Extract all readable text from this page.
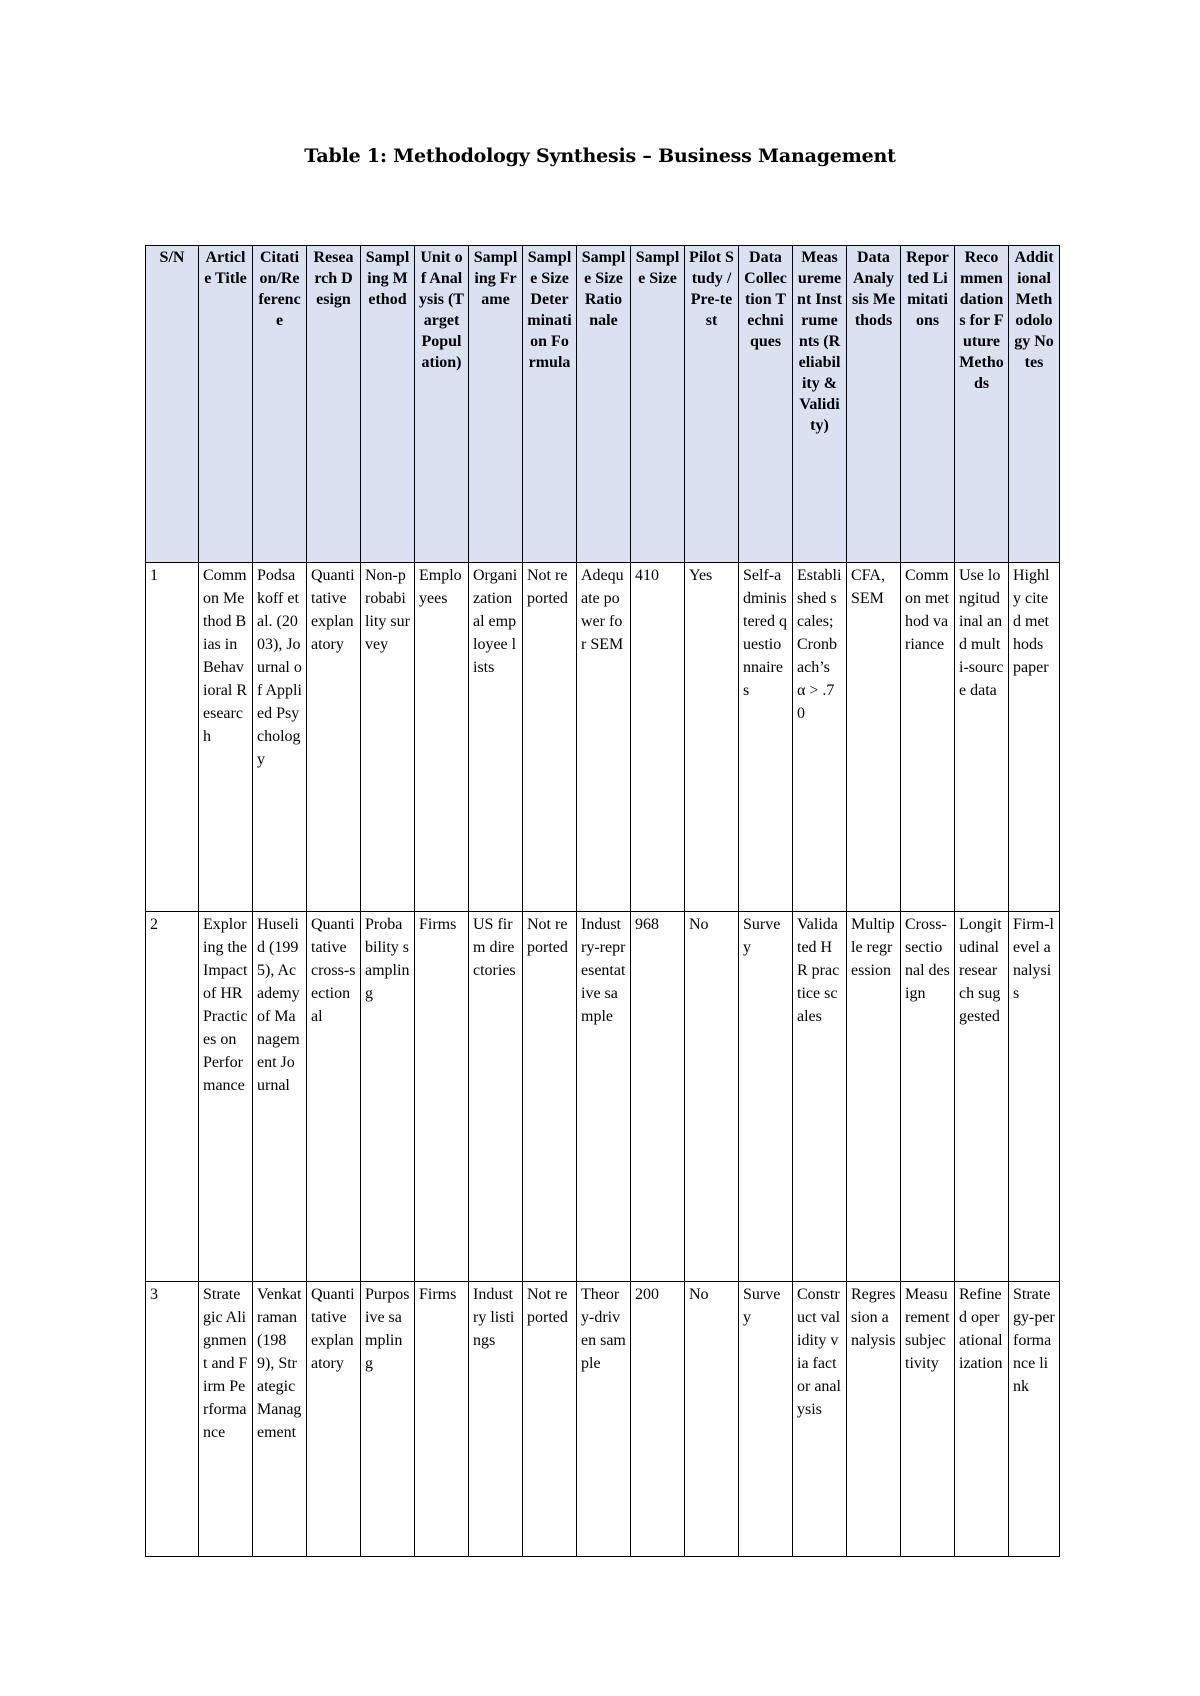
Table 1: Methodology Synthesis – Business Management
S/N	Article Title	Citation/Reference	Research Design	Sampling Method	Unit of Analysis (Target Population)	Sampling Frame	Sample Size Determination Formula	Sample Size Rationale	Sample Size	Pilot Study / Pre-test	Data Collection Techniques	Measurement Instruments (Reliability & Validity)	Data Analysis Methods	Reported Limitations	Recommendations for Future Methods	Additional Methodology Notes
1	Common Method Bias in Behavioral Research	Podsakoff et al. (2003), Journal of Applied Psychology	Quantitative explanatory	Non-probability survey	Employees	Organizational employee lists	Not reported	Adequate power for SEM	410	Yes	Self-administered questionnaires	Established scales; Cronbach’s α > .70	CFA, SEM	Common method variance	Use longitudinal and multi-source data	Highly cited methods paper
2	Exploring the Impact of HR Practices on Performance	Huselid (1995), Academy of Management Journal	Quantitative cross-sectional	Probability sampling	Firms	US firm directories	Not reported	Industry-representative sample	968	No	Survey	Validated HR practice scales	Multiple regression	Cross-sectional design	Longitudinal research suggested	Firm-level analysis

3	Strategic Alignment and Firm Performance	Venkatraman (1989), Strategic Management	Quantitative explanatory	Purposive sampling	Firms	Industry listings	Not reported	Theory-driven sample	200	No	Survey	Construct validity via factor analysis	Regression analysis	Measurement subjectivity	Refined operationalization	Strategy-performance link
